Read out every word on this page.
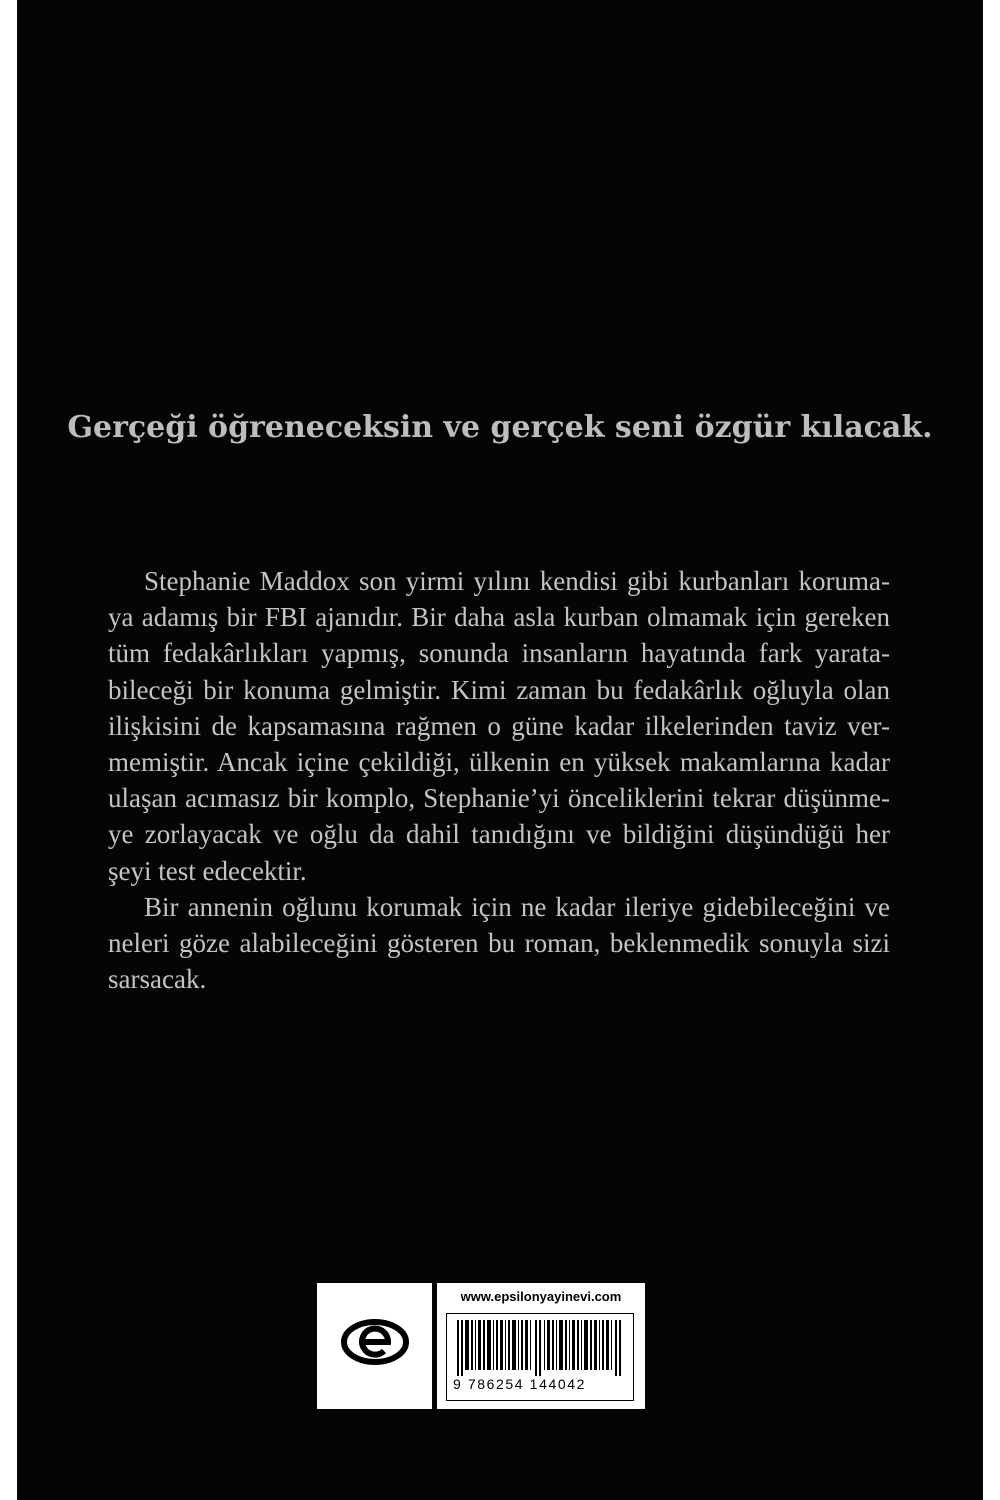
Gerçeği öğreneceksin ve gerçek seni özgür kılacak.
Stephanie Maddox son yirmi yılını kendisi gibi kurbanları koruma-
ya adamış bir FBI ajanıdır. Bir daha asla kurban olmamak için gereken
tüm fedakârlıkları yapmış, sonunda insanların hayatında fark yarata-
bileceği bir konuma gelmiştir. Kimi zaman bu fedakârlık oğluyla olan
ilişkisini de kapsamasına rağmen o güne kadar ilkelerinden taviz ver-
memiştir. Ancak içine çekildiği, ülkenin en yüksek makamlarına kadar
ulaşan acımasız bir komplo, Stephanie’yi önceliklerini tekrar düşünme-
ye zorlayacak ve oğlu da dahil tanıdığını ve bildiğini düşündüğü her
şeyi test edecektir.
Bir annenin oğlunu korumak için ne kadar ileriye gidebileceğini ve
neleri göze alabileceğini gösteren bu roman, beklenmedik sonuyla sizi
sarsacak.
www.epsilonyayinevi.com
9 786254 144042
